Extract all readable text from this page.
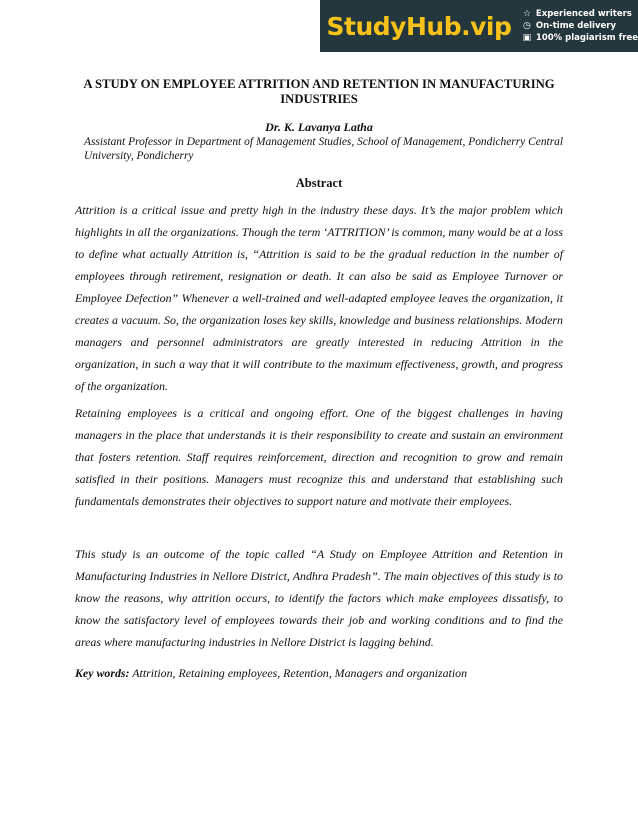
StudyHub.vip	☆ Experienced writers
◷ On-time delivery
▣ 100% plagiarism free
A STUDY ON EMPLOYEE ATTRITION AND RETENTION IN MANUFACTURING INDUSTRIES
Dr. K. Lavanya Latha
Assistant Professor in Department of Management Studies, School of Management, Pondicherry Central University, Pondicherry
Abstract

Attrition is a critical issue and pretty high in the industry these days. It’s the major problem which highlights in all the organizations. Though the term ‘ATTRITION’ is common, many would be at a loss to define what actually Attrition is, “Attrition is said to be the gradual reduction in the number of employees through retirement, resignation or death. It can also be said as Employee Turnover or Employee Defection” Whenever a well-trained and well-adapted employee leaves the organization, it creates a vacuum. So, the organization loses key skills, knowledge and business relationships. Modern managers and personnel administrators are greatly interested in reducing Attrition in the organization, in such a way that it will contribute to the maximum effectiveness, growth, and progress of the organization.

Retaining employees is a critical and ongoing effort. One of the biggest challenges in having managers in the place that understands it is their responsibility to create and sustain an environment that fosters retention. Staff requires reinforcement, direction and recognition to grow and remain satisfied in their positions. Managers must recognize this and understand that establishing such fundamentals demonstrates their objectives to support nature and motivate their employees.

This study is an outcome of the topic called “A Study on Employee Attrition and Retention in Manufacturing Industries in Nellore District, Andhra Pradesh”. The main objectives of this study is to know the reasons, why attrition occurs, to identify the factors which make employees dissatisfy, to know the satisfactory level of employees towards their job and working conditions and to find the areas where manufacturing industries in Nellore District is lagging behind.

Key words: Attrition, Retaining employees, Retention, Managers and organization
